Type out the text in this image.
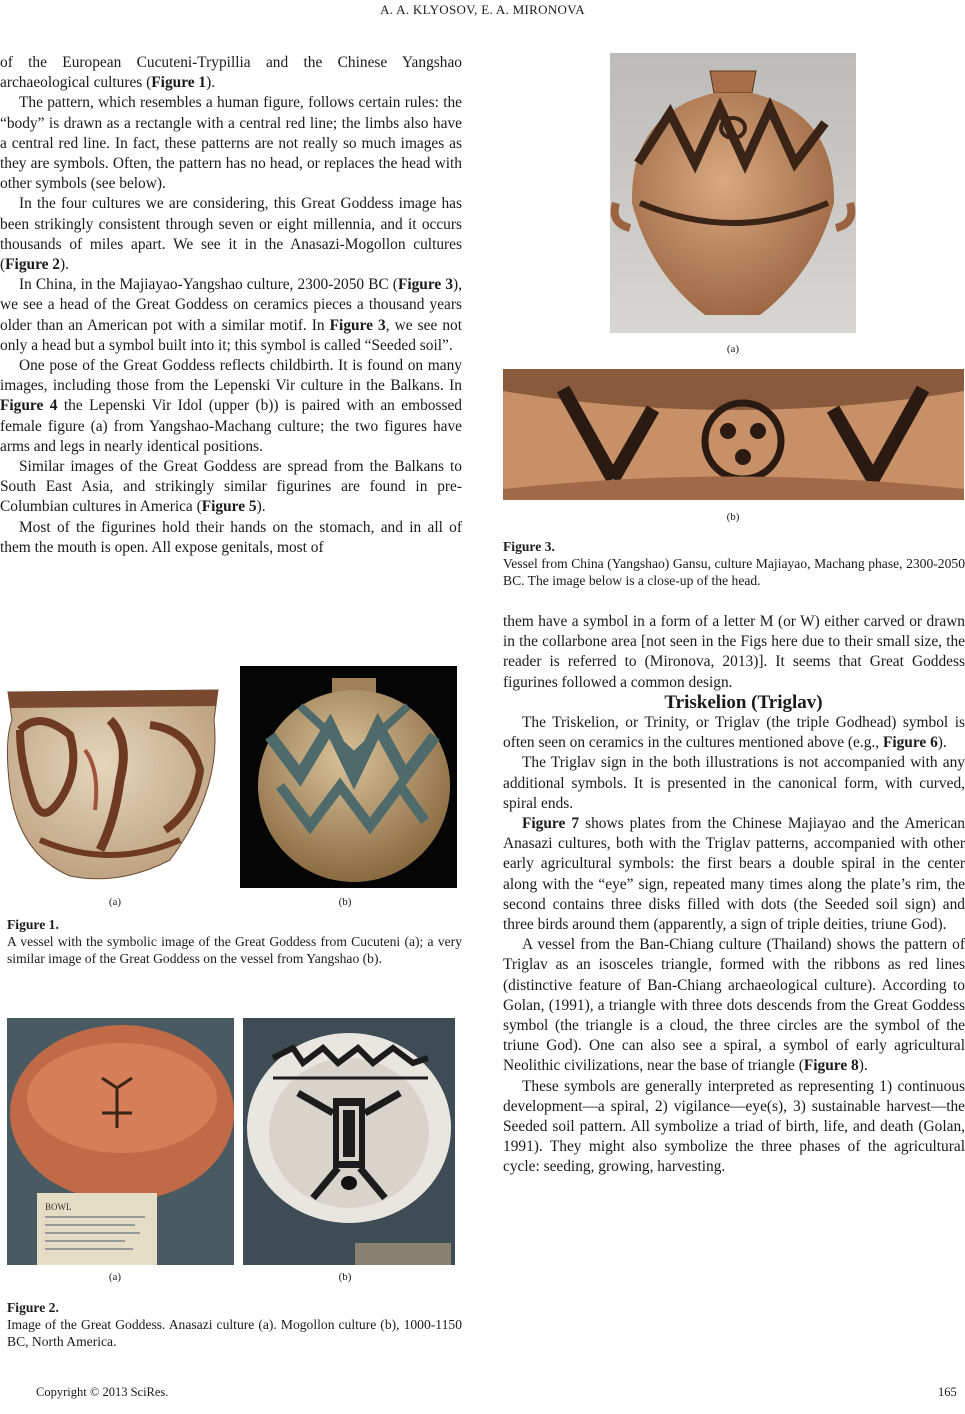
A. A. KLYOSOV, E. A. MIRONOVA

of the European Cucuteni-Trypillia and the Chinese Yangshao archaeological cultures (Figure 1).

The pattern, which resembles a human figure, follows certain rules: the “body” is drawn as a rectangle with a central red line; the limbs also have a central red line. In fact, these patterns are not really so much images as they are symbols. Often, the pattern has no head, or replaces the head with other symbols (see below).

In the four cultures we are considering, this Great Goddess image has been strikingly consistent through seven or eight millennia, and it occurs thousands of miles apart. We see it in the Anasazi-Mogollon cultures (Figure 2).

In China, in the Majiayao-Yangshao culture, 2300-2050 BC (Figure 3), we see a head of the Great Goddess on ceramics pieces a thousand years older than an American pot with a similar motif. In Figure 3, we see not only a head but a symbol built into it; this symbol is called “Seeded soil”.

One pose of the Great Goddess reflects childbirth. It is found on many images, including those from the Lepenski Vir culture in the Balkans. In Figure 4 the Lepenski Vir Idol (upper (b)) is paired with an embossed female figure (a) from Yangshao-Machang culture; the two figures have arms and legs in nearly identical positions.

Similar images of the Great Goddess are spread from the Balkans to South East Asia, and strikingly similar figurines are found in pre-Columbian cultures in America (Figure 5).

Most of the figurines hold their hands on the stomach, and in all of them the mouth is open. All expose genitals, most of

(a)	(b)
Figure 1.
A vessel with the symbolic image of the Great Goddess from Cucuteni (a); a very similar image of the Great Goddess on the vessel from Yangshao (b).
BOWL
(a)	(b)
Figure 2.
Image of the Great Goddess. Anasazi culture (a). Mogollon culture (b), 1000-1150 BC, North America.
(a)
(b)
Figure 3.
Vessel from China (Yangshao) Gansu, culture Majiayao, Machang phase, 2300-2050 BC. The image below is a close-up of the head.

them have a symbol in a form of a letter M (or W) either carved or drawn in the collarbone area [not seen in the Figs here due to their small size, the reader is referred to (Mironova, 2013)]. It seems that Great Goddess figurines followed a common design.

Triskelion (Triglav)

The Triskelion, or Trinity, or Triglav (the triple Godhead) symbol is often seen on ceramics in the cultures mentioned above (e.g., Figure 6).

The Triglav sign in the both illustrations is not accompanied with any additional symbols. It is presented in the canonical form, with curved, spiral ends.

Figure 7 shows plates from the Chinese Majiayao and the American Anasazi cultures, both with the Triglav patterns, accompanied with other early agricultural symbols: the first bears a double spiral in the center along with the “eye” sign, repeated many times along the plate’s rim, the second contains three disks filled with dots (the Seeded soil sign) and three birds around them (apparently, a sign of triple deities, triune God).

A vessel from the Ban-Chiang culture (Thailand) shows the pattern of Triglav as an isosceles triangle, formed with the ribbons as red lines (distinctive feature of Ban-Chiang archaeological culture). According to Golan, (1991), a triangle with three dots descends from the Great Goddess symbol (the triangle is a cloud, the three circles are the symbol of the triune God). One can also see a spiral, a symbol of early agricultural Neolithic civilizations, near the base of triangle (Figure 8).

These symbols are generally interpreted as representing 1) continuous development—a spiral, 2) vigilance—eye(s), 3) sustainable harvest—the Seeded soil pattern. All symbolize a triad of birth, life, and death (Golan, 1991). They might also symbolize the three phases of the agricultural cycle: seeding, growing, harvesting.

Copyright © 2013 SciRes.	165
